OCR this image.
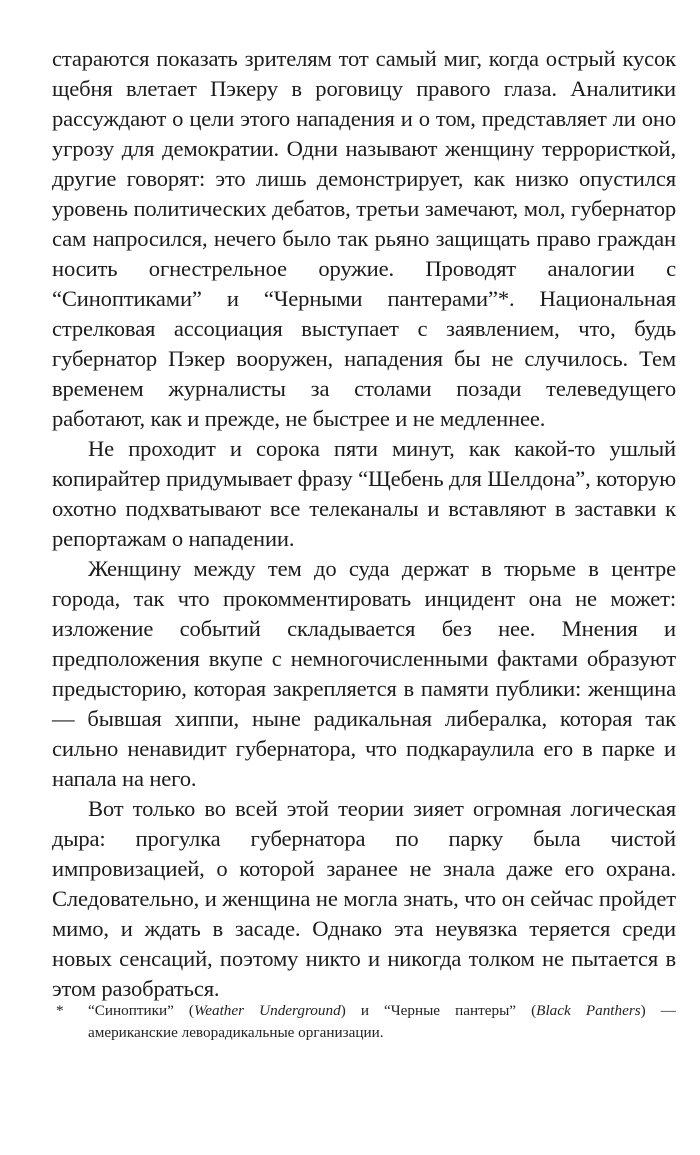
стараются показать зрителям тот самый миг, когда острый кусок щебня влетает Пэкеру в роговицу правого глаза. Аналитики рассуждают о цели этого нападения и о том, представляет ли оно угрозу для демократии. Одни называют женщину террористкой, другие говорят: это лишь демонстрирует, как низко опустился уровень политических дебатов, третьи замечают, мол, губернатор сам напросился, нечего было так рьяно защищать право граждан носить огнестрельное оружие. Проводят аналогии с “Синоптиками” и “Черными пантерами”*. Национальная стрелковая ассоциация выступает с заявлением, что, будь губернатор Пэкер вооружен, нападения бы не случилось. Тем временем журналисты за столами позади телеведущего работают, как и прежде, не быстрее и не медленнее.

Не проходит и сорока пяти минут, как какой-то ушлый копирайтер придумывает фразу “Щебень для Шелдона”, которую охотно подхватывают все телеканалы и вставляют в заставки к репортажам о нападении.

Женщину между тем до суда держат в тюрьме в центре города, так что прокомментировать инцидент она не может: изложение событий складывается без нее. Мнения и предположения вкупе с немногочисленными фактами образуют предысторию, которая закрепляется в памяти публики: женщина — бывшая хиппи, ныне радикальная либералка, которая так сильно ненавидит губернатора, что подкараулила его в парке и напала на него.

Вот только во всей этой теории зияет огромная логическая дыра: прогулка губернатора по парку была чистой импровизацией, о которой заранее не знала даже его охрана. Следовательно, и женщина не могла знать, что он сейчас пройдет мимо, и ждать в засаде. Однако эта неувязка теряется среди новых сенсаций, поэтому никто и никогда толком не пытается в этом разобраться.

* “Синоптики” (Weather Underground) и “Черные пантеры” (Black Panthers) — американские леворадикальные организации.
